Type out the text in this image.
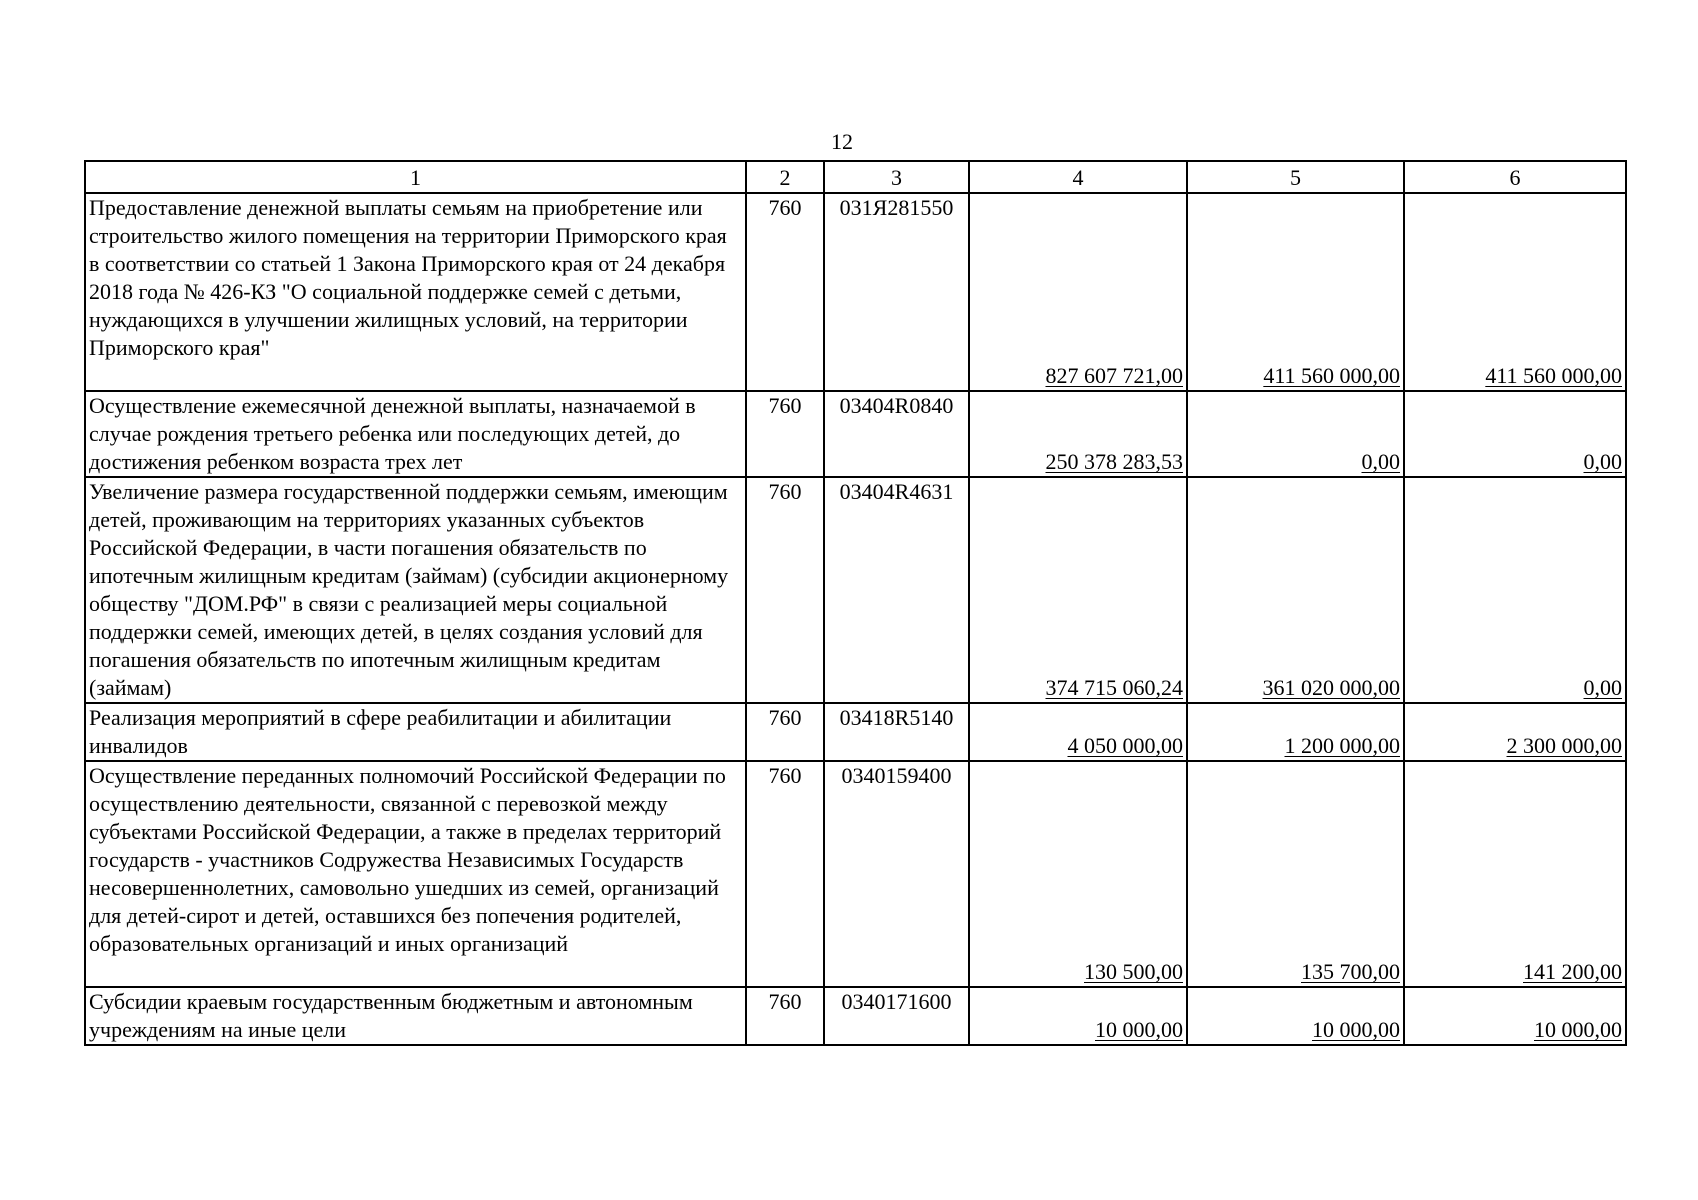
12
1	2	3	4	5	6
Предоставление денежной выплаты семьям на приобретение или строительство жилого помещения на территории Приморского края в соответствии со статьей 1 Закона Приморского края от 24 декабря 2018 года № 426-КЗ "О социальной поддержке семей с детьми, нуждающихся в улучшении жилищных условий, на территории Приморского края"	760	031Я281550	827 607 721,00	411 560 000,00	411 560 000,00
Осуществление ежемесячной денежной выплаты, назначаемой в случае рождения третьего ребенка или последующих детей, до достижения ребенком возраста трех лет	760	03404R0840	250 378 283,53	0,00	0,00
Увеличение размера государственной поддержки семьям, имеющим детей, проживающим на территориях указанных субъектов Российской Федерации, в части погашения обязательств по ипотечным жилищным кредитам (займам) (субсидии акционерному обществу "ДОМ.РФ" в связи с реализацией меры социальной поддержки семей, имеющих детей, в целях создания условий для погашения обязательств по ипотечным жилищным кредитам (займам)	760	03404R4631	374 715 060,24	361 020 000,00	0,00
Реализация мероприятий в сфере реабилитации и абилитации инвалидов	760	03418R5140	4 050 000,00	1 200 000,00	2 300 000,00
Осуществление переданных полномочий Российской Федерации по осуществлению деятельности, связанной с перевозкой между субъектами Российской Федерации, а также в пределах территорий государств - участников Содружества Независимых Государств несовершеннолетних, самовольно ушедших из семей, организаций для детей-сирот и детей, оставшихся без попечения родителей, образовательных организаций и иных организаций	760	0340159400	130 500,00	135 700,00	141 200,00
Субсидии краевым государственным бюджетным и автономным учреждениям на иные цели	760	0340171600	10 000,00	10 000,00	10 000,00
